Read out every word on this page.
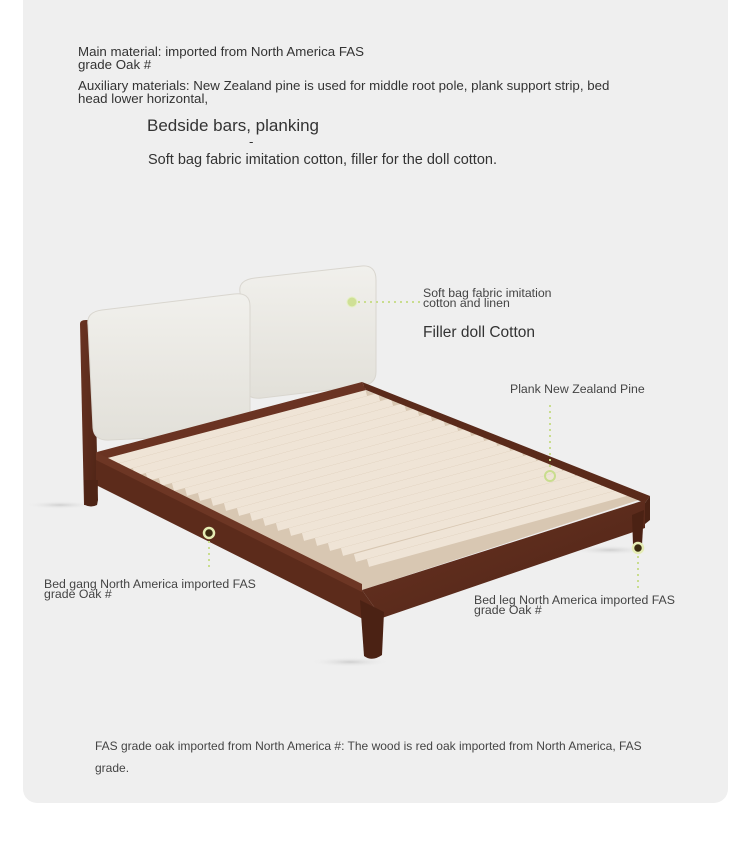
Main material: imported from North America FAS

grade Oak #

Auxiliary materials: New Zealand pine is used for middle root pole, plank support strip, bed

head lower horizontal,

Bedside bars, planking

-

Soft bag fabric imitation cotton, filler for the doll cotton.

Soft bag fabric imitation

cotton and linen

Filler doll Cotton

Plank New Zealand Pine

Bed gang North America imported FAS

grade Oak #	Bed leg North America imported FAS

grade Oak #

FAS grade oak imported from North America #: The wood is red oak imported from North America, FAS grade.
